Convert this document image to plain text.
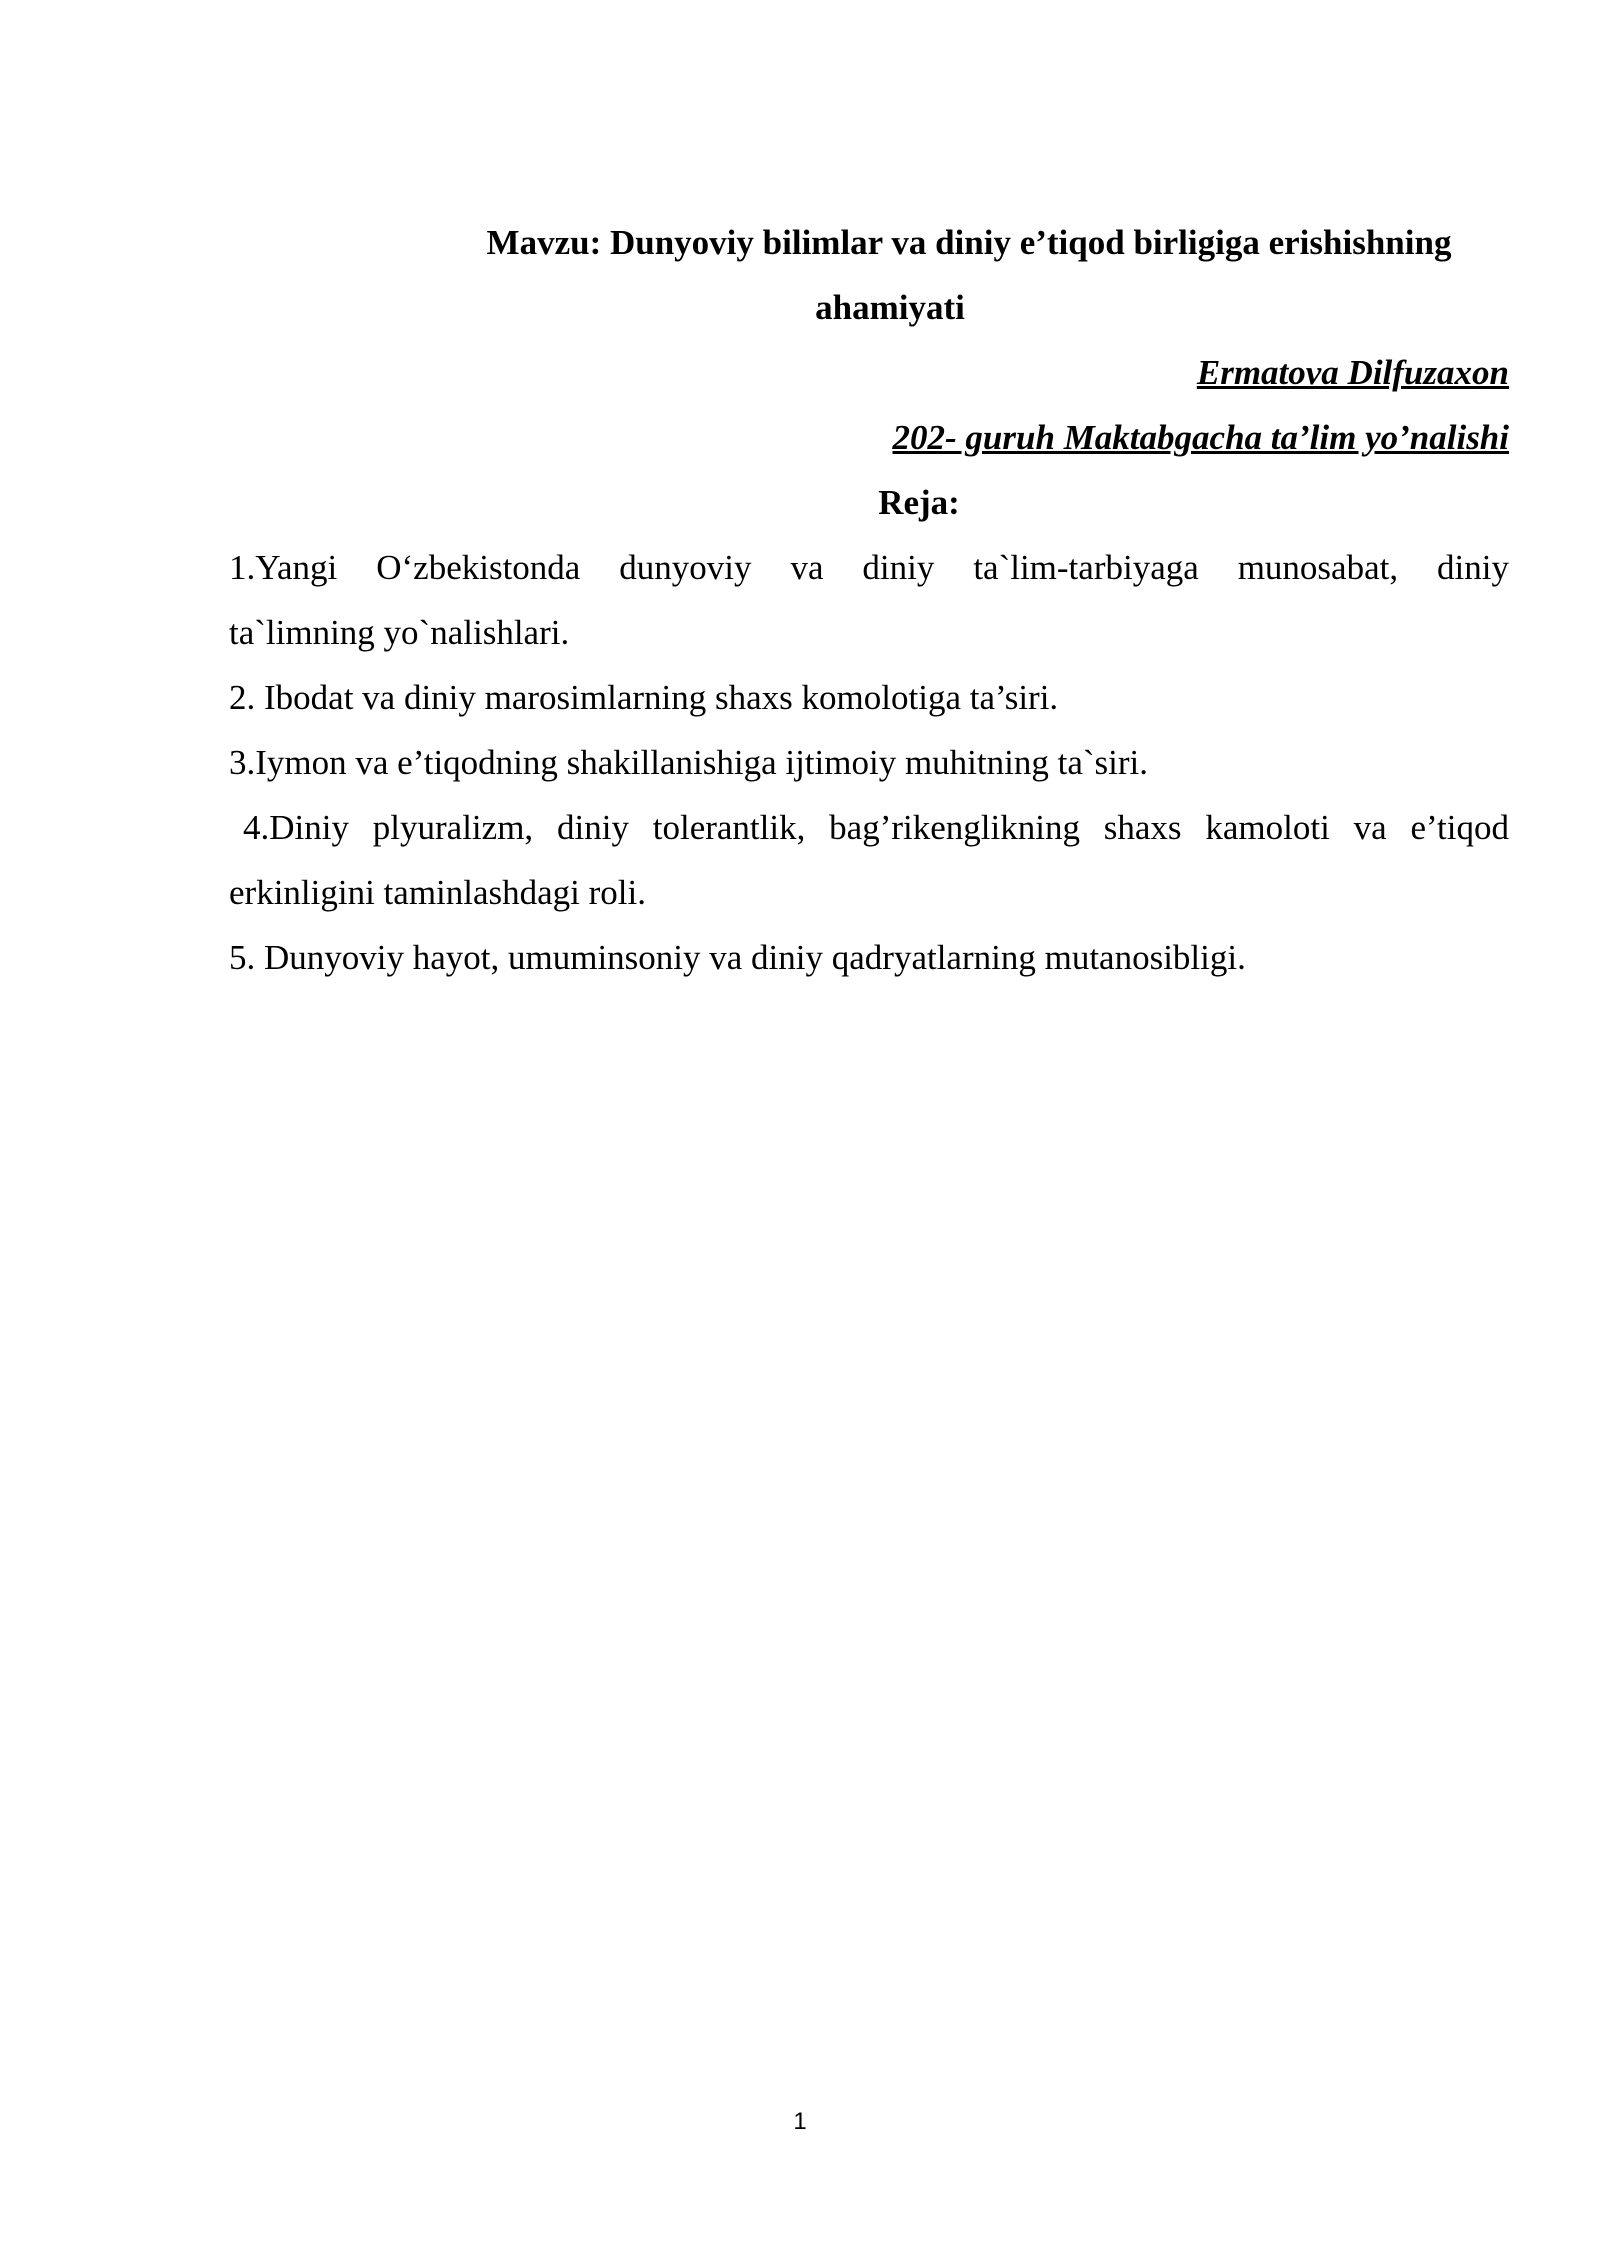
Mavzu: Dunyoviy bilimlar va diniy e’tiqod birligiga erishishning

ahamiyati

Ermatova Dilfuzaxon

202- guruh Maktabgacha ta’lim yo’nalishi

Reja:

1.Yangi O‘zbekistonda dunyoviy va diniy ta`lim-tarbiyaga munosabat, diniy
ta`limning yo`nalishlari.

2. Ibodat va diniy marosimlarning shaxs komolotiga ta’siri.

3.Iymon va e’tiqodning shakillanishiga ijtimoiy muhitning ta`siri.

4.Diniy plyuralizm, diniy tolerantlik, bag’rikenglikning shaxs kamoloti va e’tiqod
erkinligini taminlashdagi roli.

5. Dunyoviy hayot, umuminsoniy va diniy qadryatlarning mutanosibligi.

1
